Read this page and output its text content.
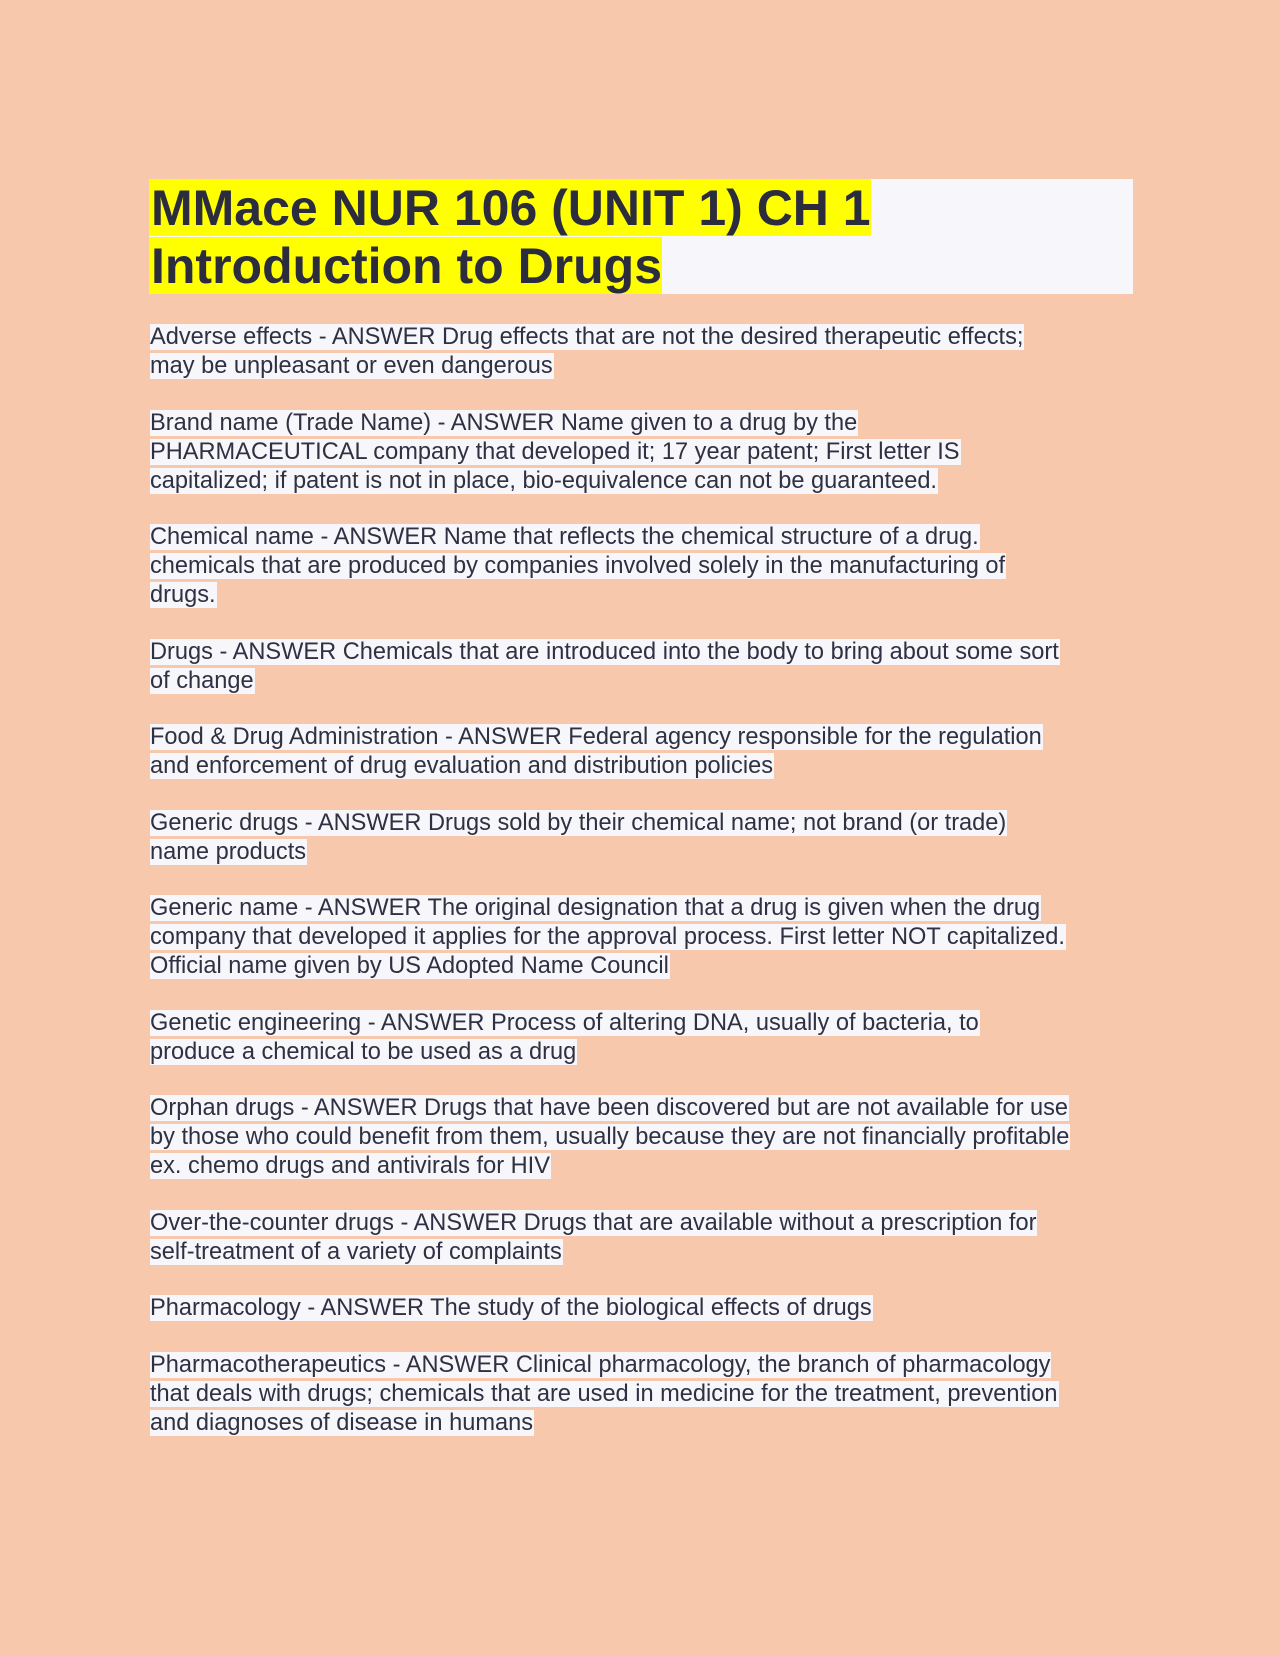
MMace NUR 106 (UNIT 1) CH 1
Introduction to Drugs
Adverse effects - ANSWER Drug effects that are not the desired therapeutic effects;
may be unpleasant or even dangerous
Brand name (Trade Name) - ANSWER Name given to a drug by the
PHARMACEUTICAL company that developed it; 17 year patent; First letter IS
capitalized; if patent is not in place, bio-equivalence can not be guaranteed.
Chemical name - ANSWER Name that reflects the chemical structure of a drug.
chemicals that are produced by companies involved solely in the manufacturing of
drugs.
Drugs - ANSWER Chemicals that are introduced into the body to bring about some sort
of change
Food & Drug Administration - ANSWER Federal agency responsible for the regulation
and enforcement of drug evaluation and distribution policies
Generic drugs - ANSWER Drugs sold by their chemical name; not brand (or trade)
name products
Generic name - ANSWER The original designation that a drug is given when the drug
company that developed it applies for the approval process. First letter NOT capitalized.
Official name given by US Adopted Name Council
Genetic engineering - ANSWER Process of altering DNA, usually of bacteria, to
produce a chemical to be used as a drug
Orphan drugs - ANSWER Drugs that have been discovered but are not available for use
by those who could benefit from them, usually because they are not financially profitable
ex. chemo drugs and antivirals for HIV
Over-the-counter drugs - ANSWER Drugs that are available without a prescription for
self-treatment of a variety of complaints
Pharmacology - ANSWER The study of the biological effects of drugs
Pharmacotherapeutics - ANSWER Clinical pharmacology, the branch of pharmacology
that deals with drugs; chemicals that are used in medicine for the treatment, prevention
and diagnoses of disease in humans
